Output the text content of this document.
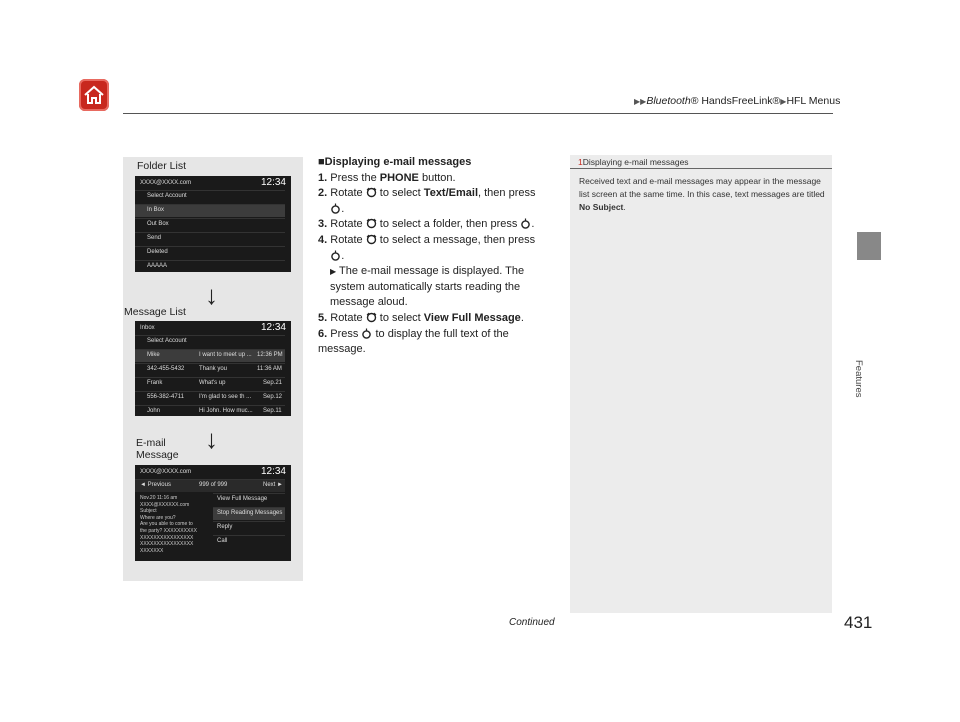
▶▶Bluetooth® HandsFreeLink®▶HFL Menus
Features
Folder List
XXXX@XXXX.com	12:34
Select Account
In Box
Out Box
Send
Deleted
AAAAA
↓
Message List
Inbox	12:34
Select Account
Mike	I want to meet up ... 12:36 PM
342-455-5432 Thank you	11:36 AM
Frank	What's up	Sep.21
556-382-4711	I'm glad to see th ... Sep.12
John	Hi John. How muc... Sep.11
↓
E-mail
Message
XXXX@XXXX.com	12:34
◄ Previous	999 of 999	Next ►
Nov.20 11:16 am
XXXX@XXXXXX.com
Subject
Where are you?
Are you able to come to
the party? XXXXXXXXXX
XXXXXXXXXXXXXXXX
XXXXXXXXXXXXXXXX
XXXXXXX
View Full Message
Stop Reading Messages
Reply
Call
■Displaying e-mail messages
1. Press the PHONE button.
2. Rotate  to select Text/Email, then press
.
3. Rotate  to select a folder, then press .
4. Rotate  to select a message, then press
.
▶ The e-mail message is displayed. The system automatically starts reading the message aloud.
5. Rotate  to select View Full Message.
6. Press  to display the full text of the message.
1Displaying e-mail messages
Received text and e-mail messages may appear in the message list screen at the same time. In this case, text messages are titled No Subject.
Continued	431
